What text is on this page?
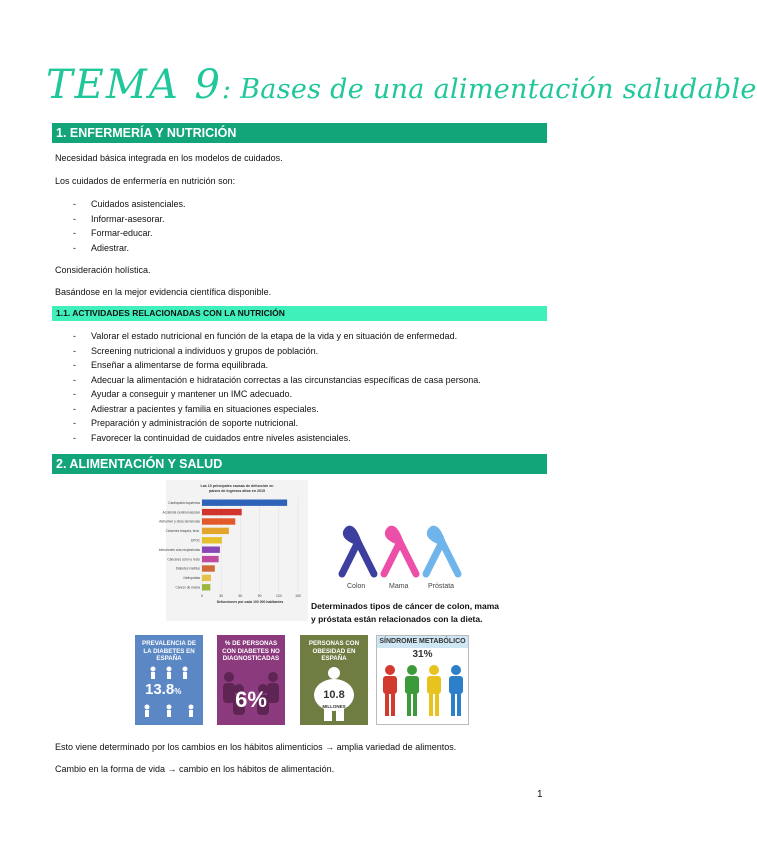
TEMA 9: Bases de una alimentación saludable
1. ENFERMERÍA Y NUTRICIÓN
Necesidad básica integrada en los modelos de cuidados.
Los cuidados de enfermería en nutrición son:
- Cuidados asistenciales.
- Informar-asesorar.
- Formar-educar.
- Adiestrar.
Consideración holística.
Basándose en la mejor evidencia científica disponible.
1.1. ACTIVIDADES RELACIONADAS CON LA NUTRICIÓN
- Valorar el estado nutricional en función de la etapa de la vida y en situación de enfermedad.
- Screening nutricional a individuos y grupos de población.
- Enseñar a alimentarse de forma equilibrada.
- Adecuar la alimentación e hidratación correctas a las circunstancias específicas de casa persona.
- Ayudar a conseguir y mantener un IMC adecuado.
- Adiestrar a pacientes y familia en situaciones especiales.
- Preparación y administración de soporte nutricional.
- Favorecer la continuidad de cuidados entre niveles asistenciales.
2. ALIMENTACIÓN Y SALUD
Las 10 principales causas de defunción en
países de ingresos altos en 2015
0	30	60	90	120	150
Cardiopatía isquémica
Accidente cerebrovascular
Alzheimer y otras demencias
Cánceres tráquea, bron.
EPOC
Infecciones vías respiratorias
Cánceres colon y recto
Diabetes mellitus
Nefropatías
Cáncer de mama
Defunciones por cada 100 000 habitantes
Colon	Mama	Próstata
Determinados tipos de cáncer de colon, mama
y próstata están relacionados con la dieta.
PREVALENCIA DE LA DIABETES EN ESPAÑA
13.8%
% DE PERSONAS CON DIABETES NO DIAGNOSTICADAS
6%
PERSONAS CON OBESIDAD EN ESPAÑA
10.8
MILLONES
SÍNDROME METABÓLICO
31%
Esto viene determinado por los cambios en los hábitos alimenticios → amplia variedad de alimentos.
Cambio en la forma de vida → cambio en los hábitos de alimentación.
1
